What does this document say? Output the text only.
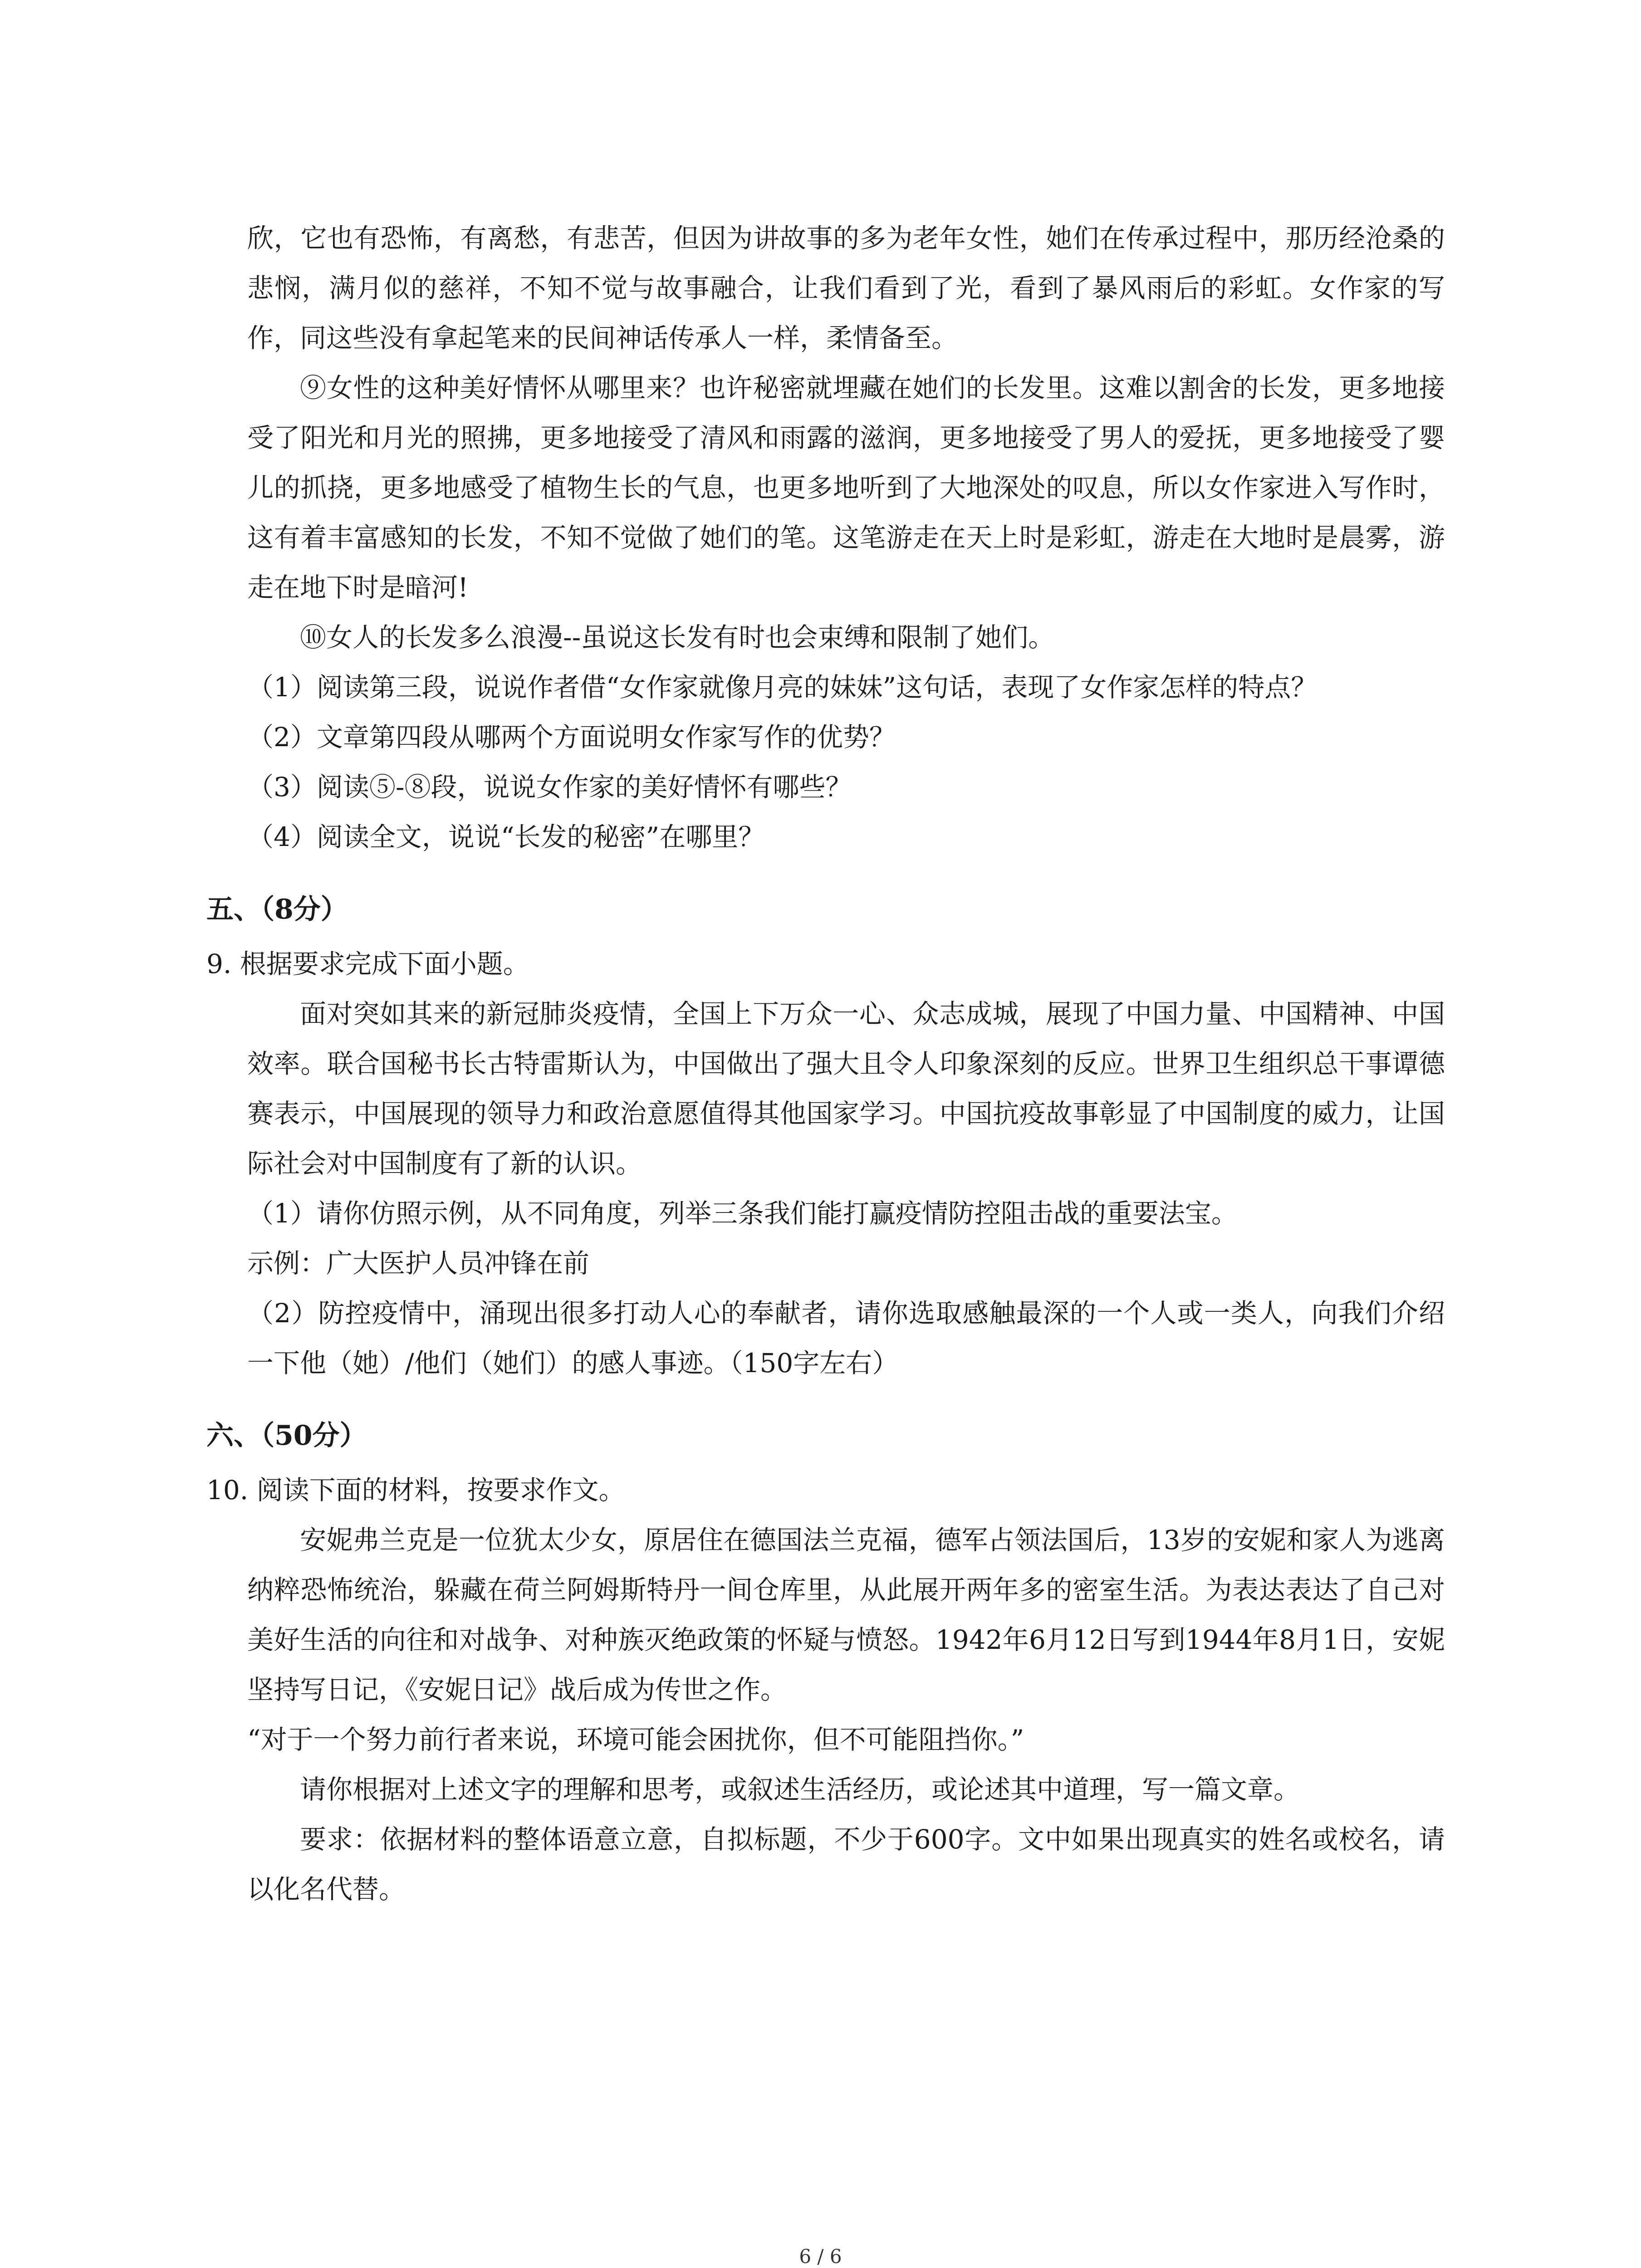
欣，它也有恐怖，有离愁，有悲苦，但因为讲故事的多为老年女性，她们在传承过程中，那历经沧桑的悲悯，满月似的慈祥，不知不觉与故事融合，让我们看到了光，看到了暴风雨后的彩虹。女作家的写作，同这些没有拿起笔来的民间神话传承人一样，柔情备至。

⑨女性的这种美好情怀从哪里来？也许秘密就埋藏在她们的长发里。这难以割舍的长发，更多地接受了阳光和月光的照拂，更多地接受了清风和雨露的滋润，更多地接受了男人的爱抚，更多地接受了婴儿的抓挠，更多地感受了植物生长的气息，也更多地听到了大地深处的叹息，所以女作家进入写作时，这有着丰富感知的长发，不知不觉做了她们的笔。这笔游走在天上时是彩虹，游走在大地时是晨雾，游走在地下时是暗河!

⑩女人的长发多么浪漫--虽说这长发有时也会束缚和限制了她们。

（1）阅读第三段，说说作者借“女作家就像月亮的妹妹”这句话，表现了女作家怎样的特点？

（2）文章第四段从哪两个方面说明女作家写作的优势？

（3）阅读⑤-⑧段，说说女作家的美好情怀有哪些？

（4）阅读全文，说说“长发的秘密”在哪里？

五、（8分）

9. 根据要求完成下面小题。

面对突如其来的新冠肺炎疫情，全国上下万众一心、众志成城，展现了中国力量、中国精神、中国效率。联合国秘书长古特雷斯认为，中国做出了强大且令人印象深刻的反应。世界卫生组织总干事谭德赛表示，中国展现的领导力和政治意愿值得其他国家学习。中国抗疫故事彰显了中国制度的威力，让国际社会对中国制度有了新的认识。

（1）请你仿照示例，从不同角度，列举三条我们能打赢疫情防控阻击战的重要法宝。

示例：广大医护人员冲锋在前

（2）防控疫情中，涌现出很多打动人心的奉献者，请你选取感触最深的一个人或一类人，向我们介绍一下他（她）/他们（她们）的感人事迹。（150字左右）

六、（50分）

10. 阅读下面的材料，按要求作文。

安妮弗兰克是一位犹太少女，原居住在德国法兰克福，德军占领法国后，13岁的安妮和家人为逃离纳粹恐怖统治，躲藏在荷兰阿姆斯特丹一间仓库里，从此展开两年多的密室生活。为表达表达了自己对美好生活的向往和对战争、对种族灭绝政策的怀疑与愤怒。1942年6月12日写到1944年8月1日，安妮坚持写日记，《安妮日记》战后成为传世之作。

“对于一个努力前行者来说，环境可能会困扰你，但不可能阻挡你。”

请你根据对上述文字的理解和思考，或叙述生活经历，或论述其中道理，写一篇文章。

要求：依据材料的整体语意立意，自拟标题，不少于600字。文中如果出现真实的姓名或校名，请以化名代替。

6 / 6
